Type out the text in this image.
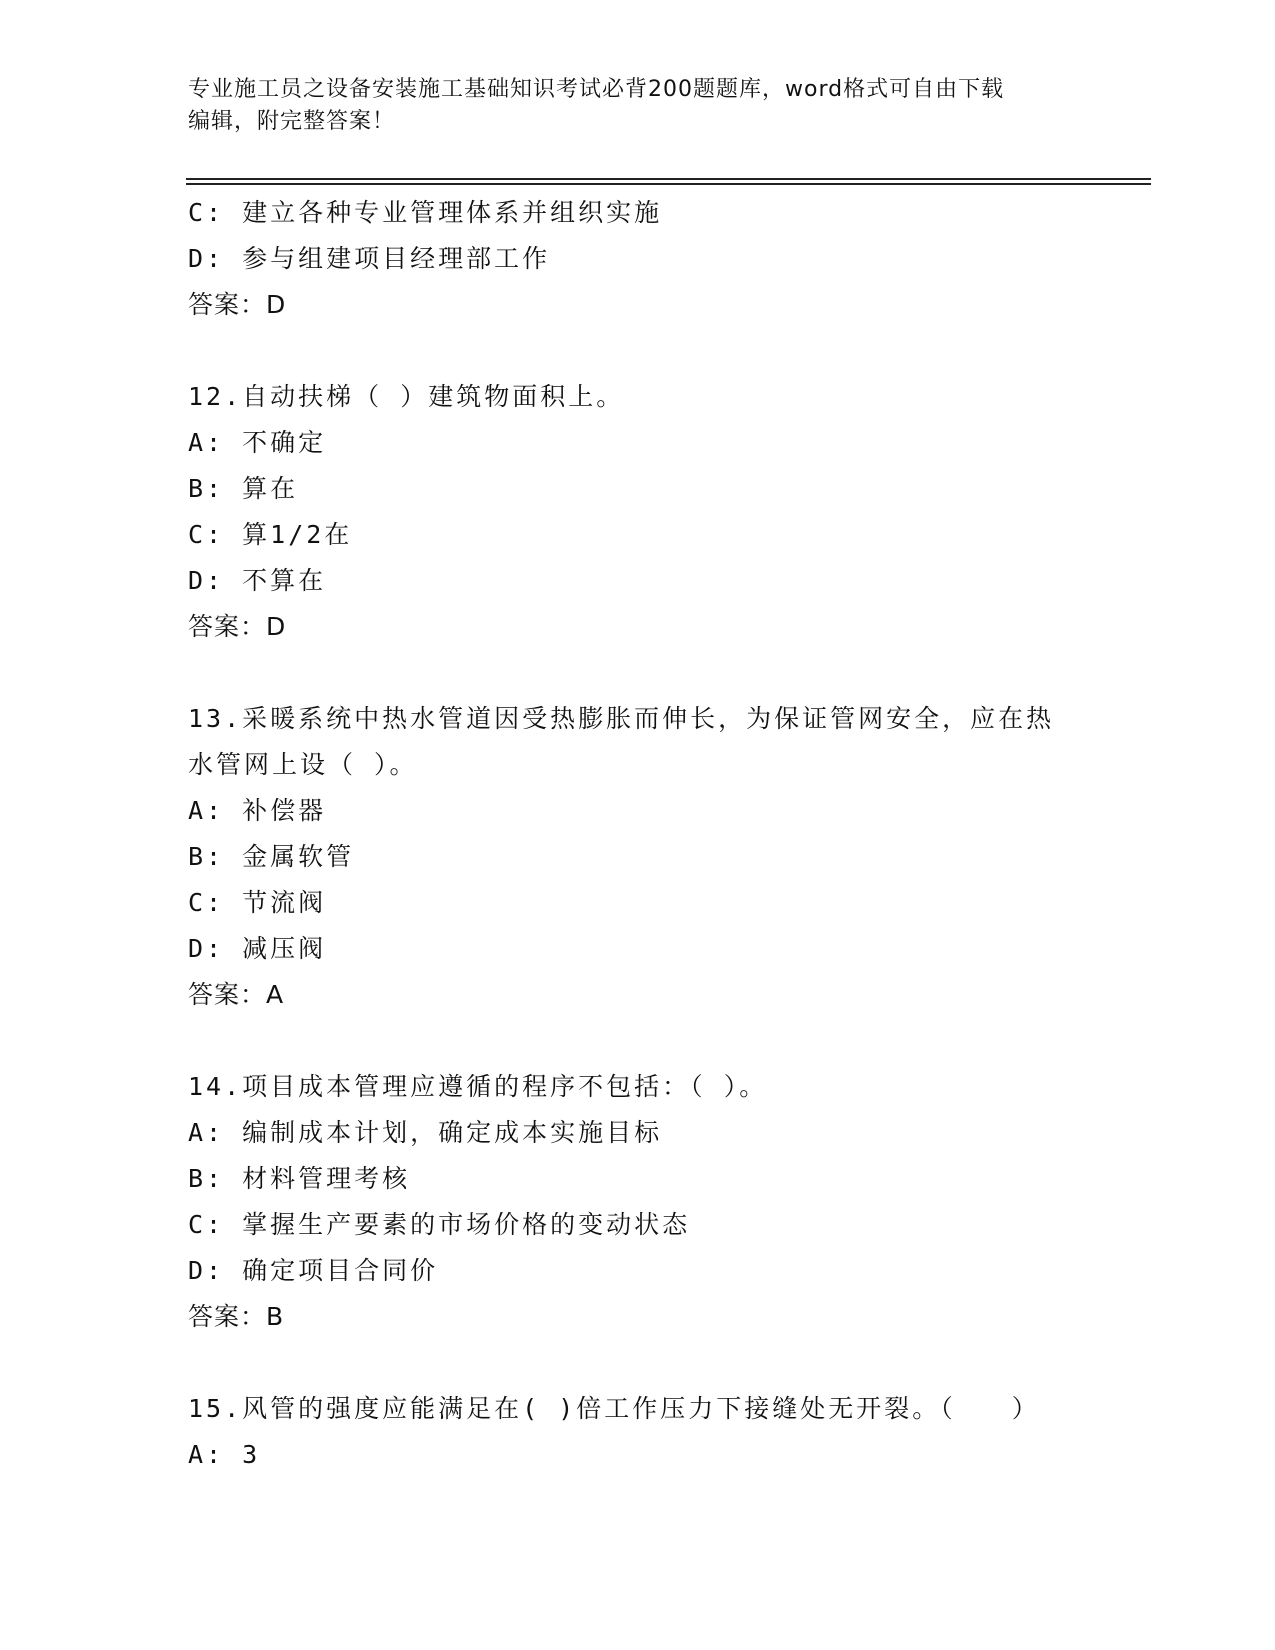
专业施工员之设备安装施工基础知识考试必背200题题库，word格式可自由下载
编辑，附完整答案！
C: 建立各种专业管理体系并组织实施
D: 参与组建项目经理部工作
答案：D
12.自动扶梯（ ）建筑物面积上。
A: 不确定
B: 算在
C: 算1/2在
D: 不算在
答案：D
13.采暖系统中热水管道因受热膨胀而伸长，为保证管网安全，应在热
水管网上设（ ）。
A: 补偿器
B: 金属软管
C: 节流阀
D: 减压阀
答案：A
14.项目成本管理应遵循的程序不包括：（ ）。
A: 编制成本计划，确定成本实施目标
B: 材料管理考核
C: 掌握生产要素的市场价格的变动状态
D: 确定项目合同价
答案：B
15.风管的强度应能满足在( )倍工作压力下接缝处无开裂。（　　）
A: 3
